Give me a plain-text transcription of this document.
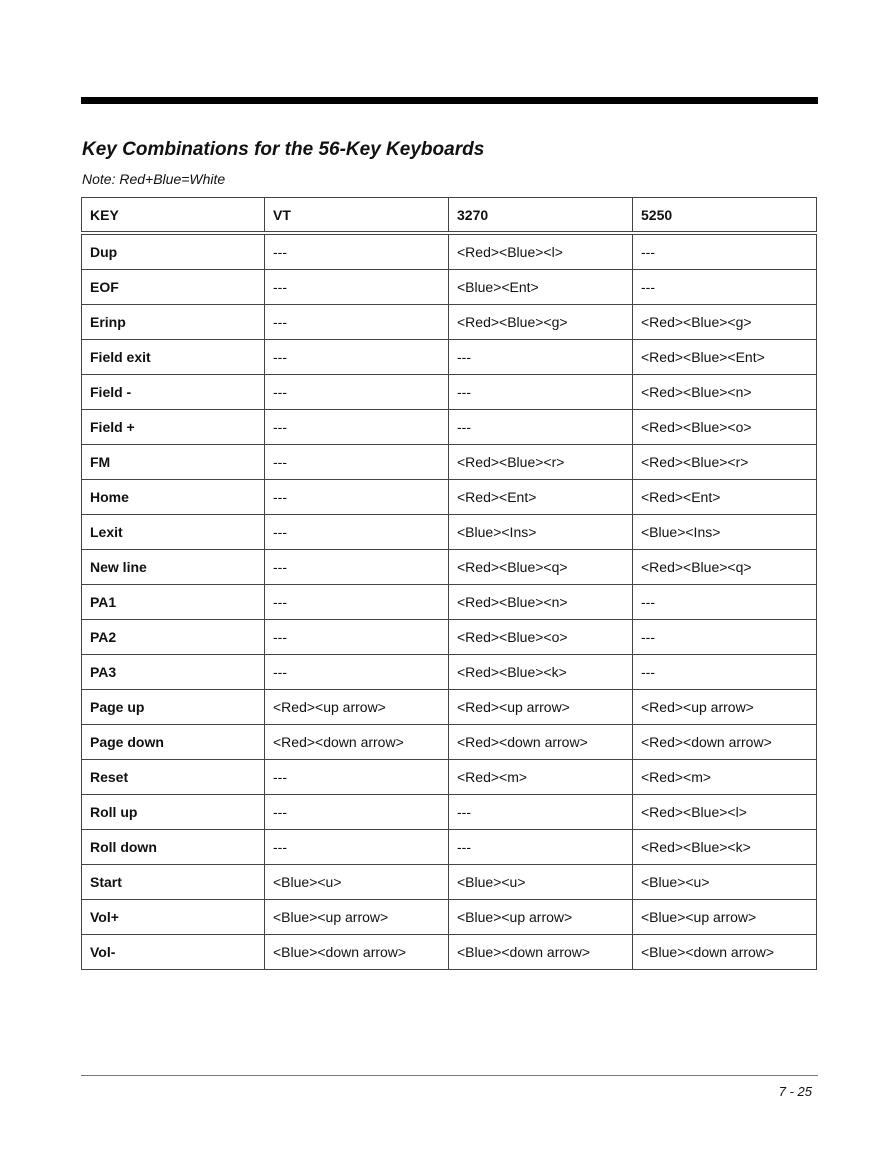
Key Combinations for the 56-Key Keyboards
Note: Red+Blue=White
KEY	VT	3270	5250
Dup	---	<Red><Blue><l>	---
EOF	---	<Blue><Ent>	---
Erinp	---	<Red><Blue><g>	<Red><Blue><g>
Field exit	---	---	<Red><Blue><Ent>
Field -	---	---	<Red><Blue><n>
Field +	---	---	<Red><Blue><o>
FM	---	<Red><Blue><r>	<Red><Blue><r>
Home	---	<Red><Ent>	<Red><Ent>
Lexit	---	<Blue><Ins>	<Blue><Ins>
New line	---	<Red><Blue><q>	<Red><Blue><q>
PA1	---	<Red><Blue><n>	---
PA2	---	<Red><Blue><o>	---
PA3	---	<Red><Blue><k>	---
Page up	<Red><up arrow>	<Red><up arrow>	<Red><up arrow>
Page down	<Red><down arrow>	<Red><down arrow>	<Red><down arrow>
Reset	---	<Red><m>	<Red><m>
Roll up	---	---	<Red><Blue><l>
Roll down	---	---	<Red><Blue><k>
Start	<Blue><u>	<Blue><u>	<Blue><u>
Vol+	<Blue><up arrow>	<Blue><up arrow>	<Blue><up arrow>
Vol-	<Blue><down arrow>	<Blue><down arrow>	<Blue><down arrow>
7 - 25
